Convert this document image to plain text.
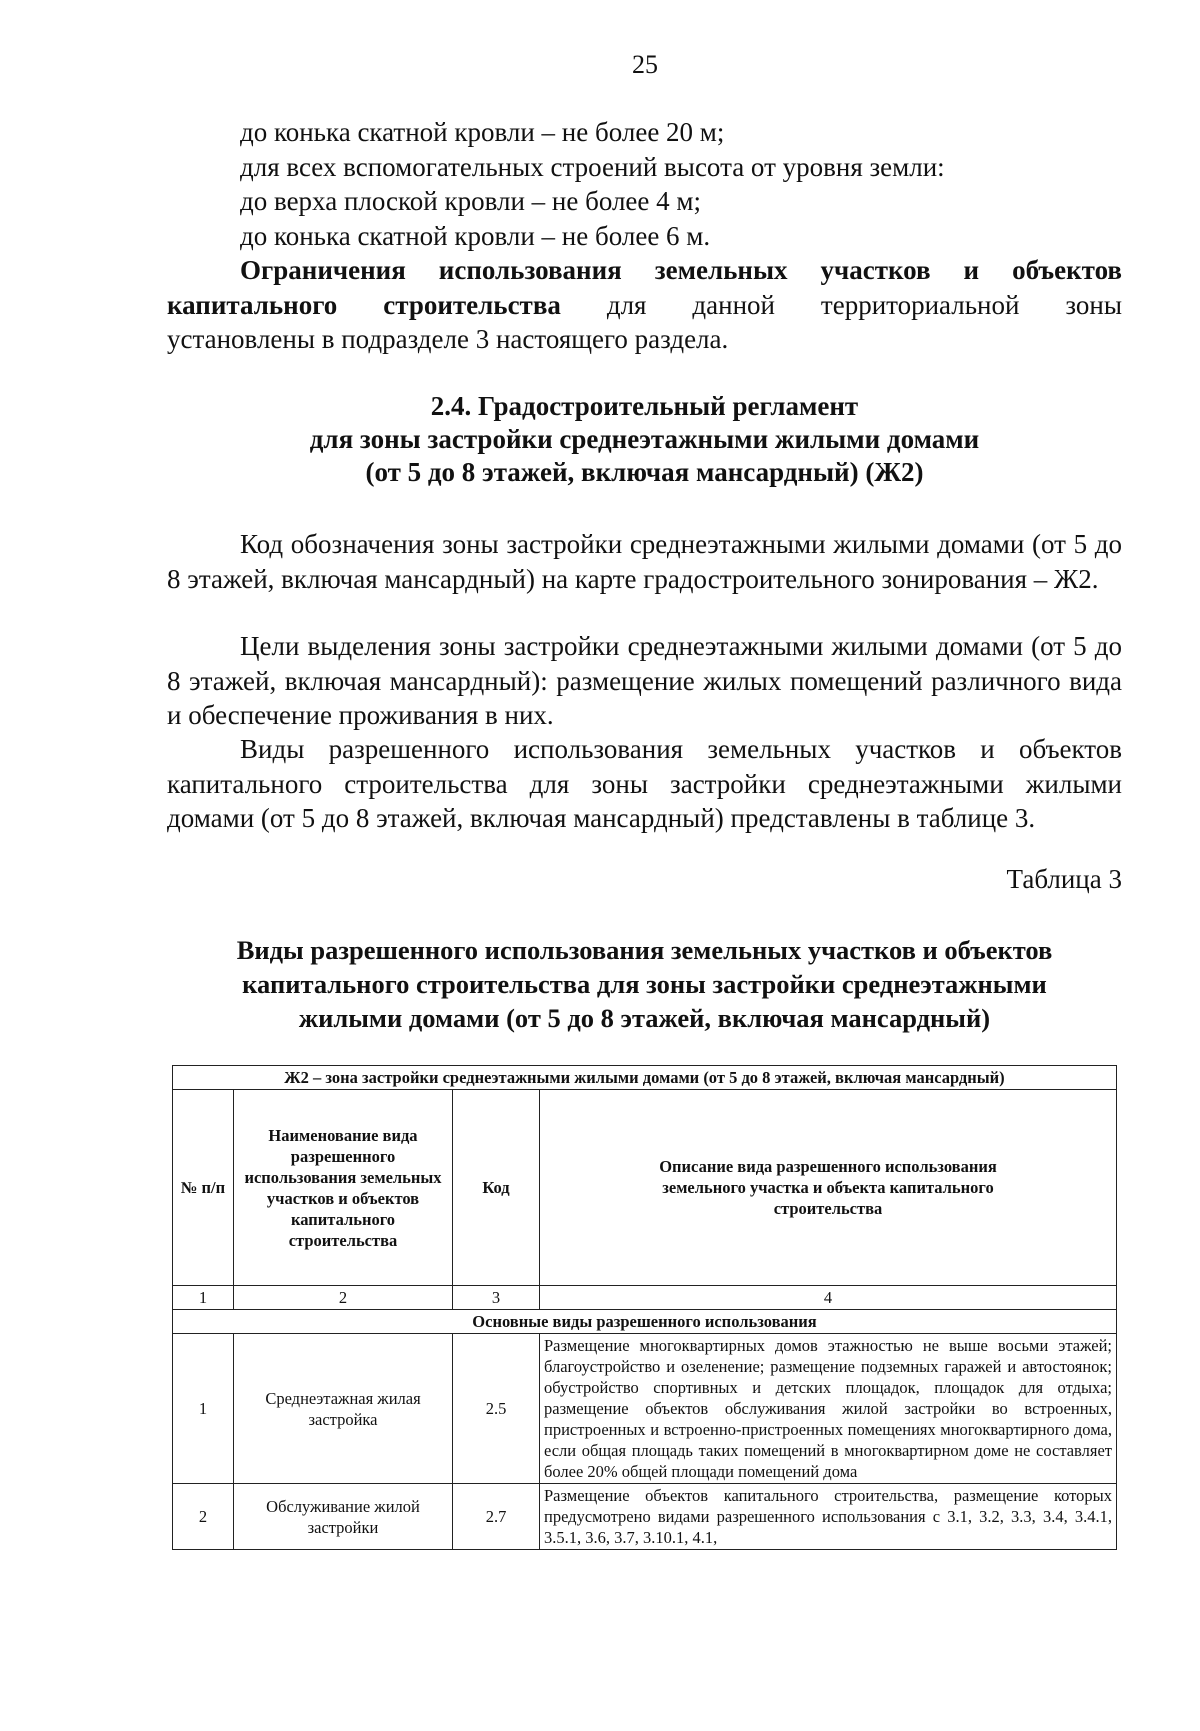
25
до конька скатной кровли – не более 20 м;
для всех вспомогательных строений высота от уровня земли:
до верха плоской кровли – не более 4 м;
до конька скатной кровли – не более 6 м.
Ограничения использования земельных участков и объектов
капитального строительства для данной территориальной зоны
установлены в подразделе 3 настоящего раздела.
2.4. Градостроительный регламент
для зоны застройки среднеэтажными жилыми домами
(от 5 до 8 этажей, включая мансардный) (Ж2)
Код обозначения зоны застройки среднеэтажными жилыми домами (от 5 до 8 этажей, включая мансардный) на карте градостроительного зонирования – Ж2.
Цели выделения зоны застройки среднеэтажными жилыми домами (от 5 до 8 этажей, включая мансардный): размещение жилых помещений различного вида и обеспечение проживания в них.
Виды разрешенного использования земельных участков и объектов капитального строительства для зоны застройки среднеэтажными жилыми домами (от 5 до 8 этажей, включая мансардный) представлены в таблице 3.
Таблица 3
Виды разрешенного использования земельных участков и объектов
капитального строительства для зоны застройки среднеэтажными
жилыми домами (от 5 до 8 этажей, включая мансардный)
Ж2 – зона застройки среднеэтажными жилыми домами (от 5 до 8 этажей, включая мансардный)			
№ п/п	Наименование вида разрешенного использования земельных участков и объектов капитального строительства	Код	Описание вида разрешенного использования земельного участка и объекта капитального строительства
1	2	3	4
Основные виды разрешенного использования			
1	Среднеэтажная жилая застройка	2.5	Размещение многоквартирных домов этажностью не выше восьми этажей; благоустройство и озеленение; размещение подземных гаражей и автостоянок; обустройство спортивных и детских площадок, площадок для отдыха; размещение объектов обслуживания жилой застройки во встроенных, пристроенных и встроенно-пристроенных помещениях многоквартирного дома, если общая площадь таких помещений в многоквартирном доме не составляет более 20% общей площади помещений дома
2	Обслуживание жилой застройки	2.7	Размещение объектов капитального строительства, размещение которых предусмотрено видами разрешенного использования с 3.1, 3.2, 3.3, 3.4, 3.4.1, 3.5.1, 3.6, 3.7, 3.10.1, 4.1,
